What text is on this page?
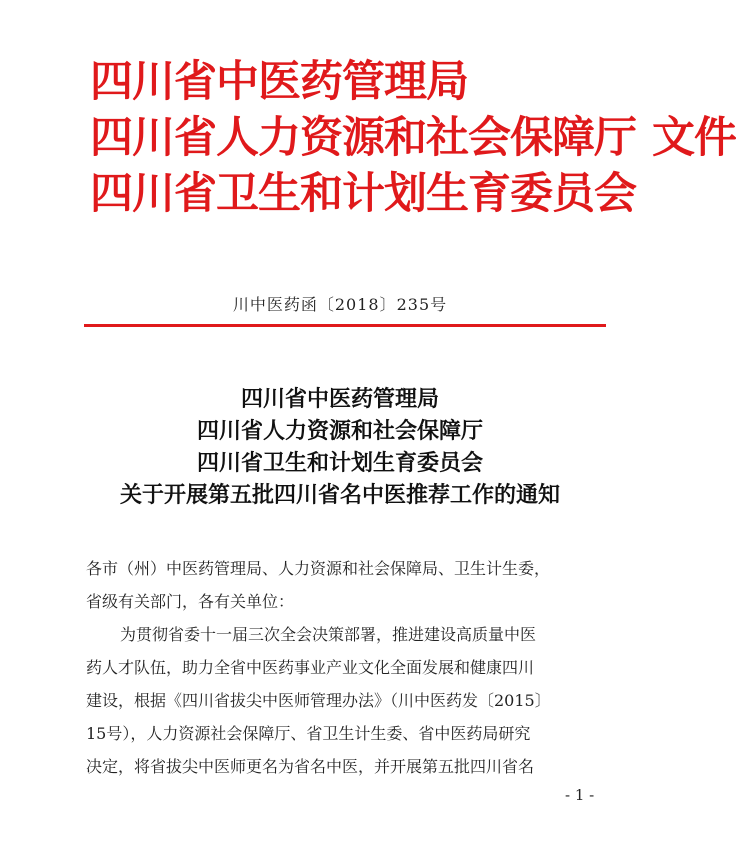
四川省中医药管理局
四川省人力资源和社会保障厅 文件
四川省卫生和计划生育委员会
川中医药函〔2018〕235号
四川省中医药管理局
四川省人力资源和社会保障厅
四川省卫生和计划生育委员会
关于开展第五批四川省名中医推荐工作的通知

各市（州）中医药管理局、人力资源和社会保障局、卫生计生委，

省级有关部门，各有关单位：

为贯彻省委十一届三次全会决策部署，推进建设高质量中医

药人才队伍，助力全省中医药事业产业文化全面发展和健康四川

建设，根据《四川省拔尖中医师管理办法》（川中医药发〔2015〕

15号），人力资源社会保障厅、省卫生计生委、省中医药局研究

决定，将省拔尖中医师更名为省名中医，并开展第五批四川省名

- 1 -
